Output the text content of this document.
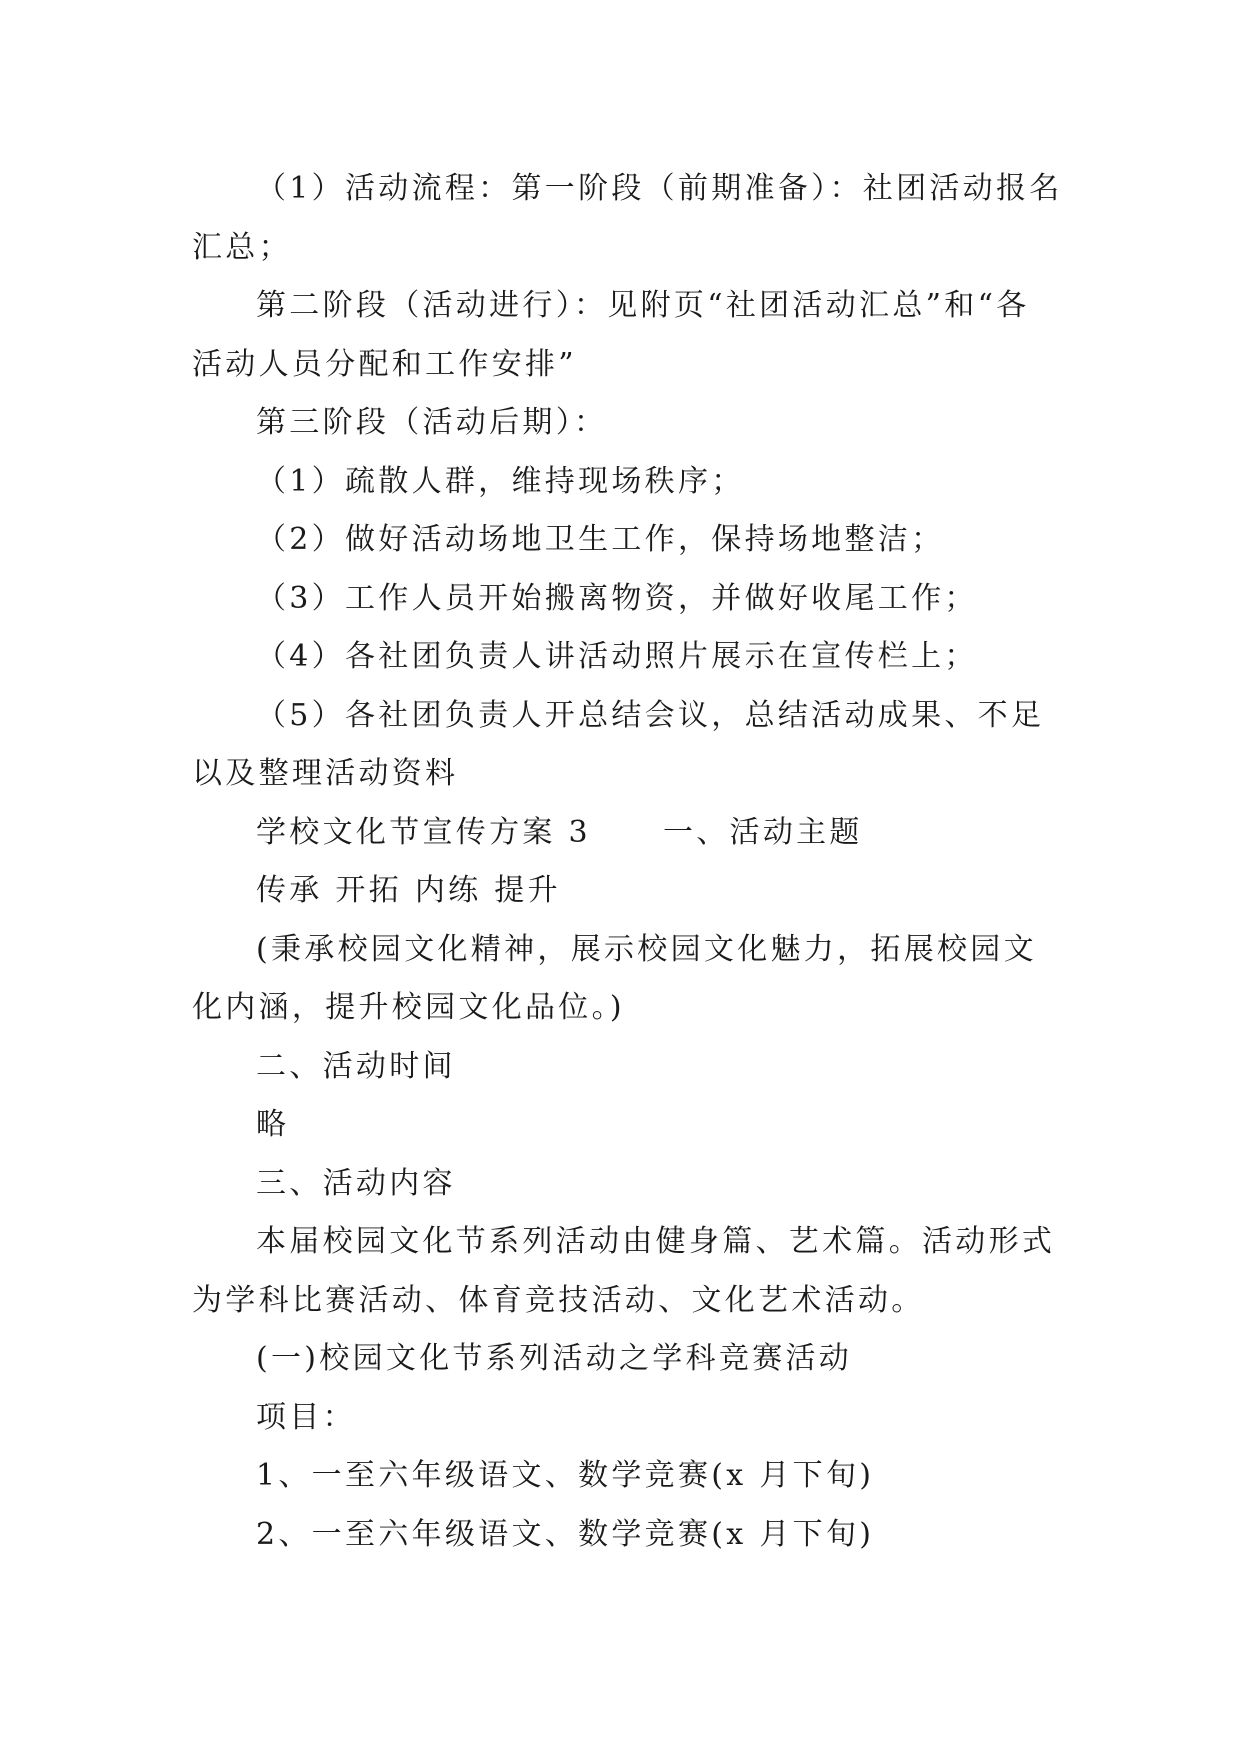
（1）活动流程：第一阶段（前期准备）：社团活动报名
汇总；
第二阶段（活动进行）：见附页“社团活动汇总”和“各
活动人员分配和工作安排”
第三阶段（活动后期）：
（1）疏散人群，维持现场秩序；
（2）做好活动场地卫生工作，保持场地整洁；
（3）工作人员开始搬离物资，并做好收尾工作；
（4）各社团负责人讲活动照片展示在宣传栏上；
（5）各社团负责人开总结会议，总结活动成果、不足
以及整理活动资料
学校文化节宣传方案 3 一、活动主题
传承 开拓 内练 提升
(秉承校园文化精神，展示校园文化魅力，拓展校园文
化内涵，提升校园文化品位。)
二、活动时间
略
三、活动内容
本届校园文化节系列活动由健身篇、艺术篇。活动形式
为学科比赛活动、体育竞技活动、文化艺术活动。
(一)校园文化节系列活动之学科竞赛活动
项目：
1、一至六年级语文、数学竞赛(x 月下旬)
2、一至六年级语文、数学竞赛(x 月下旬)
